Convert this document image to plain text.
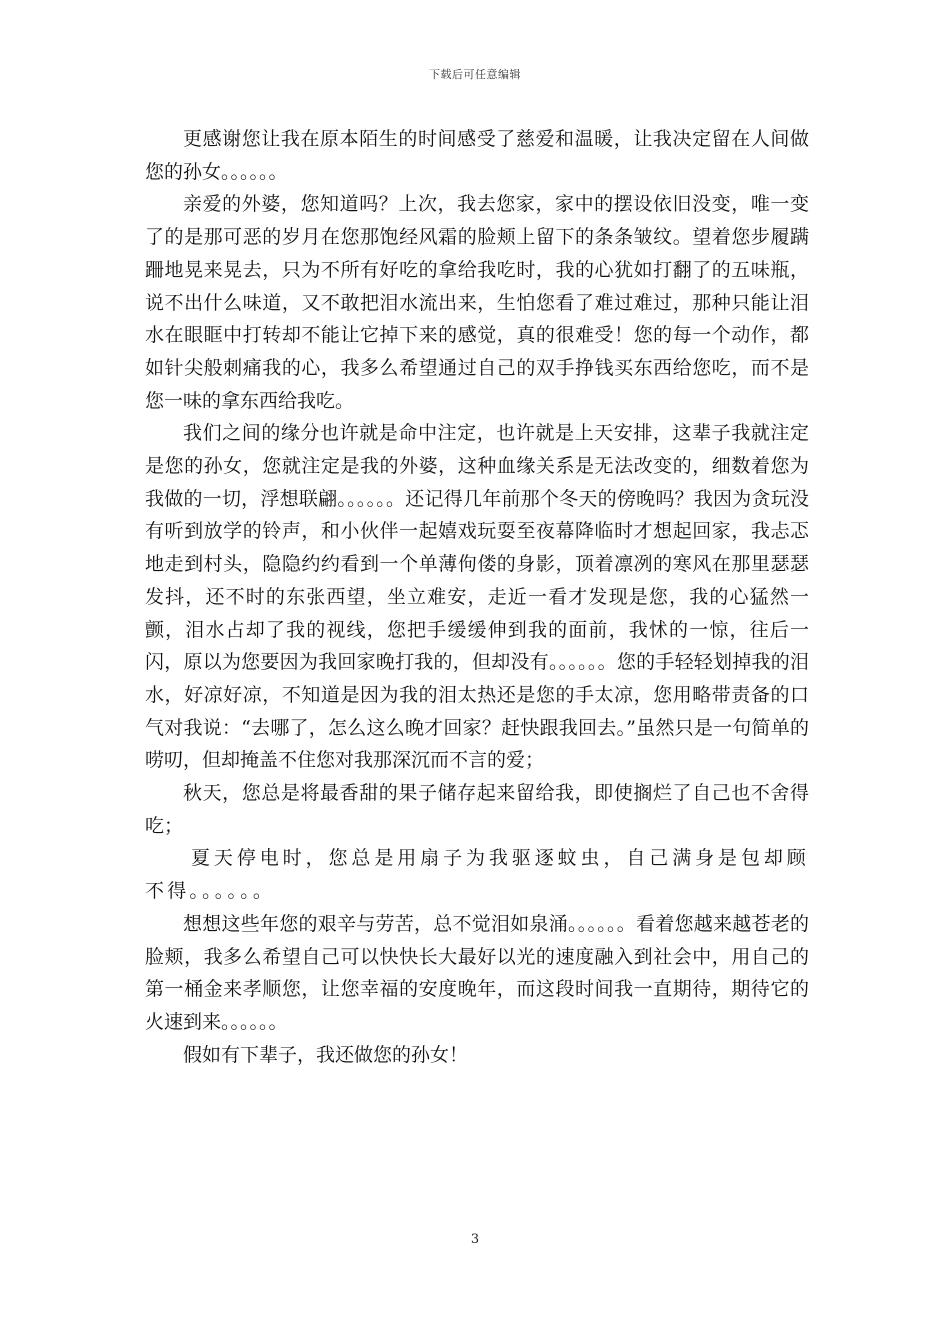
下载后可任意编辑

更感谢您让我在原本陌生的时间感受了慈爱和温暖，让我决定留在人间做您的孙女。。。。。。

亲爱的外婆，您知道吗？上次，我去您家，家中的摆设依旧没变，唯一变了的是那可恶的岁月在您那饱经风霜的脸颊上留下的条条皱纹。望着您步履蹒跚地晃来晃去，只为不所有好吃的拿给我吃时，我的心犹如打翻了的五味瓶，说不出什么味道，又不敢把泪水流出来，生怕您看了难过难过，那种只能让泪水在眼眶中打转却不能让它掉下来的感觉，真的很难受！您的每一个动作，都如针尖般刺痛我的心，我多么希望通过自己的双手挣钱买东西给您吃，而不是您一味的拿东西给我吃。

我们之间的缘分也许就是命中注定，也许就是上天安排，这辈子我就注定是您的孙女，您就注定是我的外婆，这种血缘关系是无法改变的，细数着您为我做的一切，浮想联翩。。。。。。还记得几年前那个冬天的傍晚吗？我因为贪玩没有听到放学的铃声，和小伙伴一起嬉戏玩耍至夜幕降临时才想起回家，我忐忑地走到村头，隐隐约约看到一个单薄佝偻的身影，顶着凛冽的寒风在那里瑟瑟发抖，还不时的东张西望，坐立难安，走近一看才发现是您，我的心猛然一颤，泪水占却了我的视线，您把手缓缓伸到我的面前，我怵的一惊，往后一闪，原以为您要因为我回家晚打我的，但却没有。。。。。。您的手轻轻划掉我的泪水，好凉好凉，不知道是因为我的泪太热还是您的手太凉，您用略带责备的口气对我说：“去哪了，怎么这么晚才回家？赶快跟我回去。”虽然只是一句简单的唠叨，但却掩盖不住您对我那深沉而不言的爱；

秋天，您总是将最香甜的果子储存起来留给我，即使搁烂了自己也不舍得吃；

夏天停电时，您总是用扇子为我驱逐蚊虫，自己满身是包却顾不得。。。。。。

想想这些年您的艰辛与劳苦，总不觉泪如泉涌。。。。。。看着您越来越苍老的脸颊，我多么希望自己可以快快长大最好以光的速度融入到社会中，用自己的第一桶金来孝顺您，让您幸福的安度晚年，而这段时间我一直期待，期待它的火速到来。。。。。。

假如有下辈子，我还做您的孙女！

3
